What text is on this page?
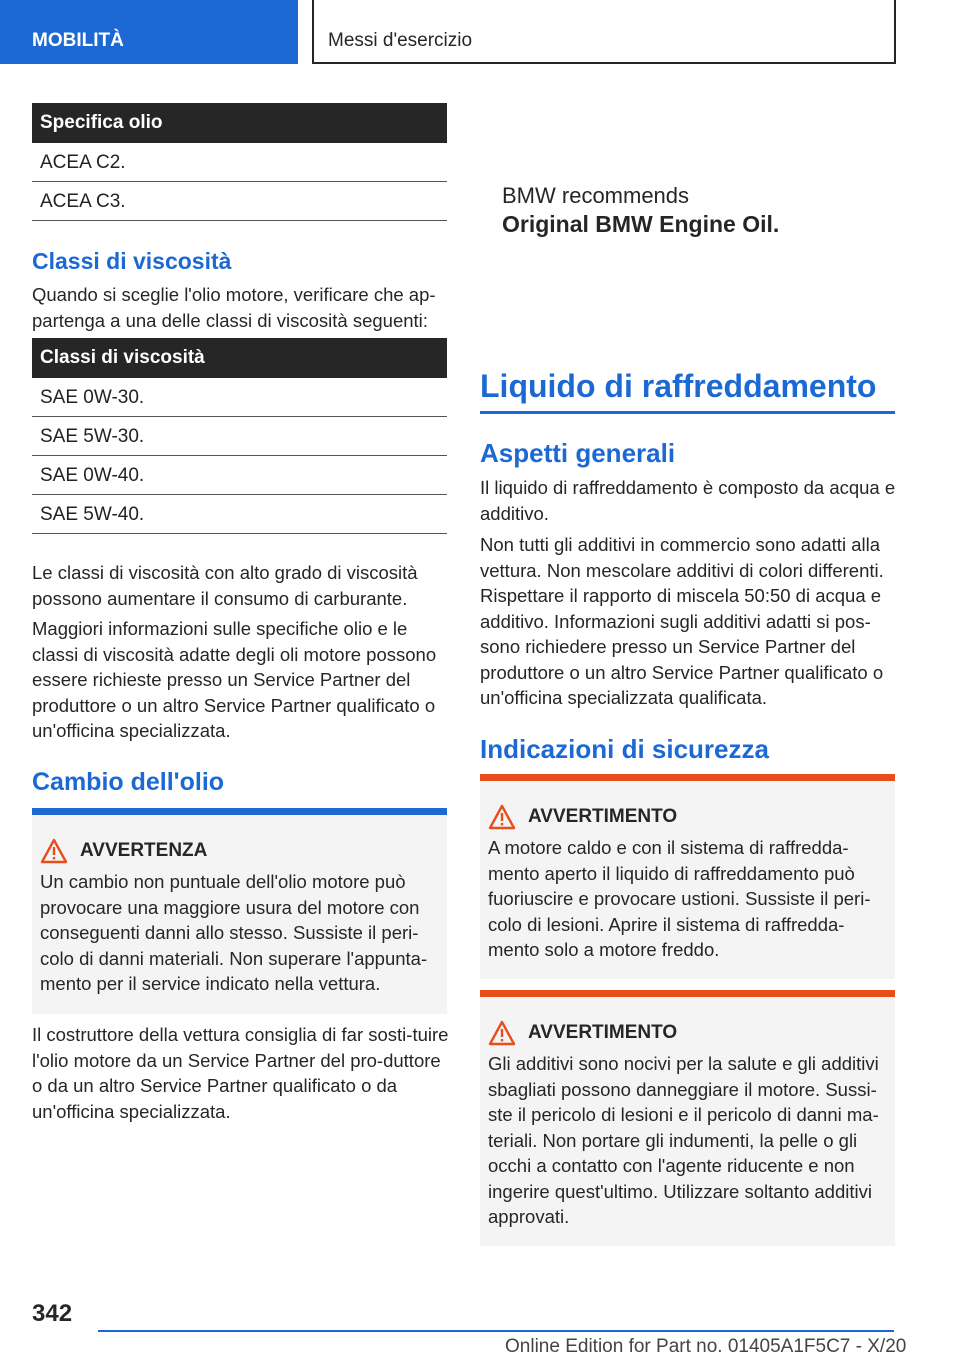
MOBILITÀ	Messi d'esercizio
Specifica olio
ACEA C2.
ACEA C3.
Classi di viscosità

Quando si sceglie l'olio motore, verificare che ap‐partenga a una delle classi di viscosità seguenti:

Classi di viscosità
SAE 0W-30.
SAE 5W-30.
SAE 0W-40.
SAE 5W-40.

Le classi di viscosità con alto grado di viscosità possono aumentare il consumo di carburante.

Maggiori informazioni sulle specifiche olio e le classi di viscosità adatte degli oli motore possono essere richieste presso un Service Partner del produttore o un altro Service Partner qualificato o un'officina specializzata.

Cambio dell'olio

AVVERTENZA

Un cambio non puntuale dell'olio motore può provocare una maggiore usura del motore con conseguenti danni allo stesso. Sussiste il peri‐colo di danni materiali. Non superare l'appunta‐mento per il service indicato nella vettura.

Il costruttore della vettura consiglia di far sosti‐tuire l'olio motore da un Service Partner del pro‐duttore o da un altro Service Partner qualificato o da un'officina specializzata.

BMW recommends
Original BMW Engine Oil.
Liquido di raffreddamento
Aspetti generali

Il liquido di raffreddamento è composto da acqua e additivo.

Non tutti gli additivi in commercio sono adatti alla vettura. Non mescolare additivi di colori differenti. Rispettare il rapporto di miscela 50:50 di acqua e additivo. Informazioni sugli additivi adatti si pos‐sono richiedere presso un Service Partner del produttore o un altro Service Partner qualificato o un'officina specializzata qualificata.

Indicazioni di sicurezza

AVVERTIMENTO

A motore caldo e con il sistema di raffredda‐mento aperto il liquido di raffreddamento può fuoriuscire e provocare ustioni. Sussiste il peri‐colo di lesioni. Aprire il sistema di raffredda‐mento solo a motore freddo.

AVVERTIMENTO

Gli additivi sono nocivi per la salute e gli additivi sbagliati possono danneggiare il motore. Sussi‐ste il pericolo di lesioni e il pericolo di danni ma‐teriali. Non portare gli indumenti, la pelle o gli occhi a contatto con l'agente riducente e non ingerire quest'ultimo. Utilizzare soltanto additivi approvati.

342
Online Edition for Part no. 01405A1F5C7 - X/20
